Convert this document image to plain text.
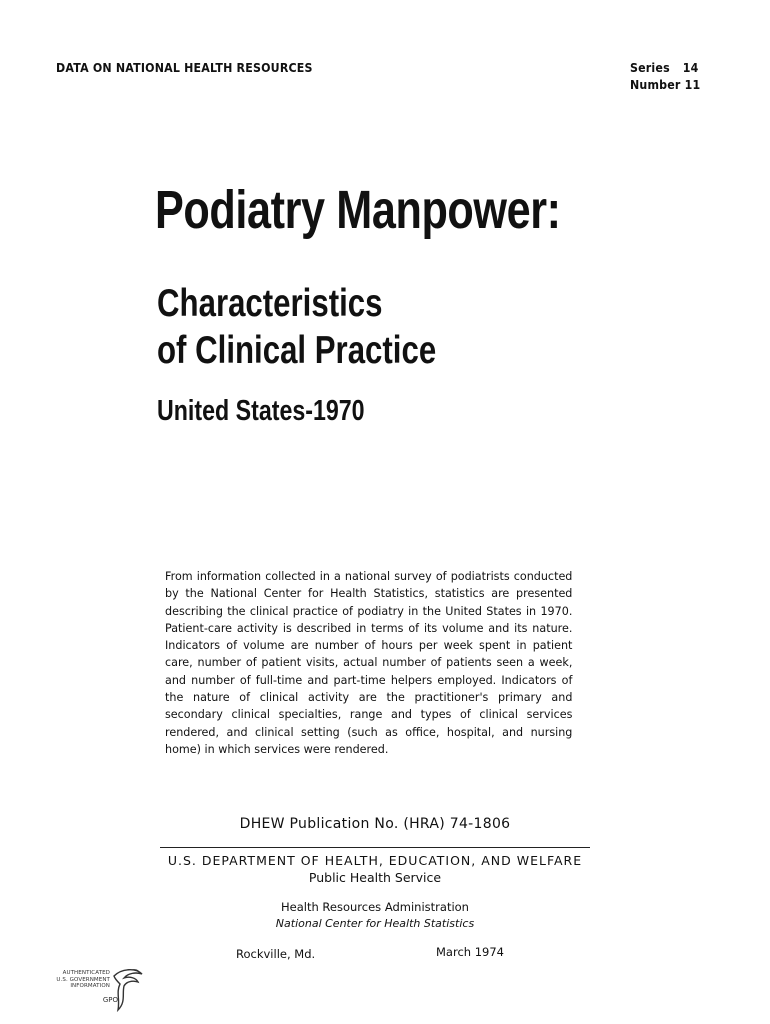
DATA ON NATIONAL HEALTH RESOURCES	Series 14
Number 11
Podiatry Manpower:
Characteristics
of Clinical Practice
United States-1970
From information collected in a national survey of podiatrists conducted by the National Center for Health Statistics, statistics are presented describing the clinical practice of podiatry in the United States in 1970. Patient-care activity is described in terms of its volume and its nature. Indicators of volume are number of hours per week spent in patient care, number of patient visits, actual number of patients seen a week, and number of full-time and part-time helpers employed. Indicators of the nature of clinical activity are the practitioner's primary and secondary clinical specialties, range and types of clinical services rendered, and clinical setting (such as office, hospital, and nursing home) in which services were rendered.
DHEW Publication No. (HRA) 74-1806
U.S. DEPARTMENT OF HEALTH, EDUCATION, AND WELFARE
Public Health Service
Health Resources Administration
National Center for Health Statistics
Rockville, Md.	March 1974
AUTHENTICATED
U.S. GOVERNMENT
INFORMATION
GPO
